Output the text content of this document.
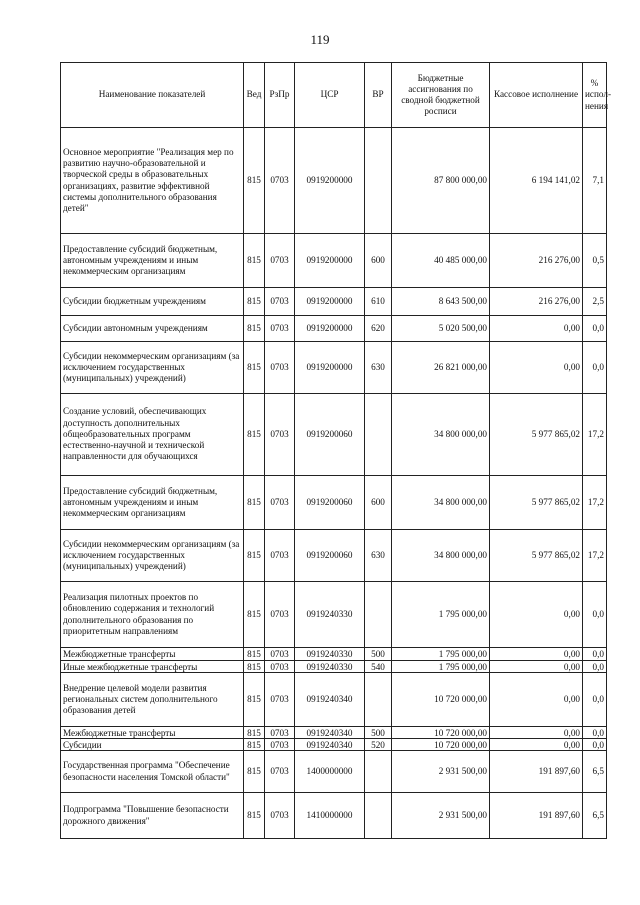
119
Наименование показателей	Вед	РзПр	ЦСР	ВР	Бюджетные ассигнования по сводной бюджетной росписи	Кассовое исполнение	% испол-нения
Основное мероприятие "Реализация мер по развитию научно-образовательной и творческой среды в образовательных организациях, развитие эффективной системы дополнительного образования детей"	815	0703	0919200000		87 800 000,00	6 194 141,02	7,1
Предоставление субсидий бюджетным, автономным учреждениям и иным некоммерческим организациям	815	0703	0919200000	600	40 485 000,00	216 276,00	0,5
Субсидии бюджетным учреждениям	815	0703	0919200000	610	8 643 500,00	216 276,00	2,5
Субсидии автономным учреждениям	815	0703	0919200000	620	5 020 500,00	0,00	0,0
Субсидии некоммерческим организациям (за исключением государственных (муниципальных) учреждений)	815	0703	0919200000	630	26 821 000,00	0,00	0,0
Создание условий, обеспечивающих доступность дополнительных общеобразовательных программ естественно-научной и технической направленности для обучающихся	815	0703	0919200060		34 800 000,00	5 977 865,02	17,2
Предоставление субсидий бюджетным, автономным учреждениям и иным некоммерческим организациям	815	0703	0919200060	600	34 800 000,00	5 977 865,02	17,2
Субсидии некоммерческим организациям (за исключением государственных (муниципальных) учреждений)	815	0703	0919200060	630	34 800 000,00	5 977 865,02	17,2
Реализация пилотных проектов по обновлению содержания и технологий дополнительного образования по приоритетным направлениям	815	0703	0919240330		1 795 000,00	0,00	0,0
Межбюджетные трансферты	815	0703	0919240330	500	1 795 000,00	0,00	0,0
Иные межбюджетные трансферты	815	0703	0919240330	540	1 795 000,00	0,00	0,0
Внедрение целевой модели развития региональных систем дополнительного образования детей	815	0703	0919240340		10 720 000,00	0,00	0,0
Межбюджетные трансферты	815	0703	0919240340	500	10 720 000,00	0,00	0,0
Субсидии	815	0703	0919240340	520	10 720 000,00	0,00	0,0
Государственная программа "Обеспечение безопасности населения Томской области"	815	0703	1400000000		2 931 500,00	191 897,60	6,5
Подпрограмма "Повышение безопасности дорожного движения"	815	0703	1410000000		2 931 500,00	191 897,60	6,5
